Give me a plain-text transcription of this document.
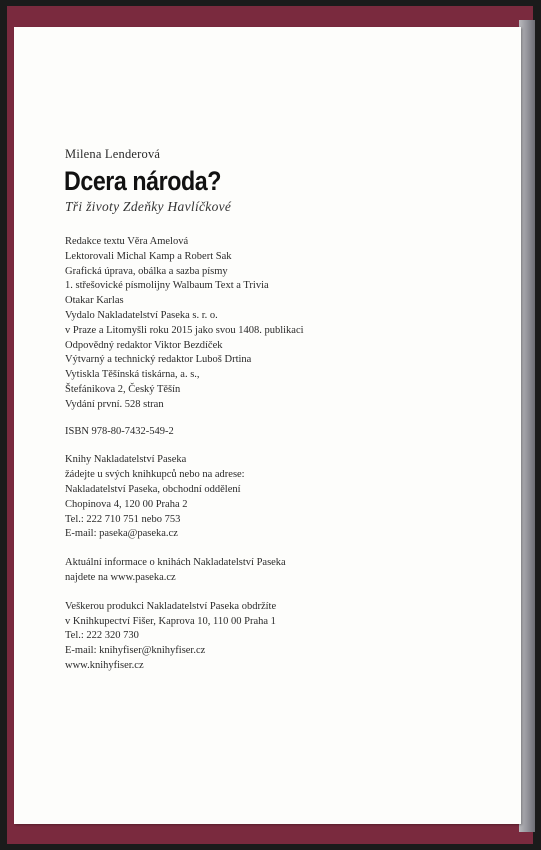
Milena Lenderová

Dcera národa?

Tři životy Zdeňky Havlíčkové

Redakce textu Věra Amelová
Lektorovali Michal Kamp a Robert Sak
Grafická úprava, obálka a sazba písmy
1. střešovické písmolijny Walbaum Text a Trivia
Otakar Karlas
Vydalo Nakladatelství Paseka s. r. o.
v Praze a Litomyšli roku 2015 jako svou 1408. publikaci
Odpovědný redaktor Viktor Bezdíček
Výtvarný a technický redaktor Luboš Drtina
Vytiskla Těšínská tiskárna, a. s.,
Štefánikova 2, Český Těšín
Vydání první. 528 stran
ISBN 978-80-7432-549-2
Knihy Nakladatelství Paseka
žádejte u svých knihkupců nebo na adrese:
Nakladatelství Paseka, obchodní oddělení
Chopinova 4, 120 00 Praha 2
Tel.: 222 710 751 nebo 753
E-mail: paseka@paseka.cz
Aktuální informace o knihách Nakladatelství Paseka
najdete na www.paseka.cz
Veškerou produkci Nakladatelství Paseka obdržíte
v Knihkupectví Fišer, Kaprova 10, 110 00 Praha 1
Tel.: 222 320 730
E-mail: knihyfiser@knihyfiser.cz
www.knihyfiser.cz
